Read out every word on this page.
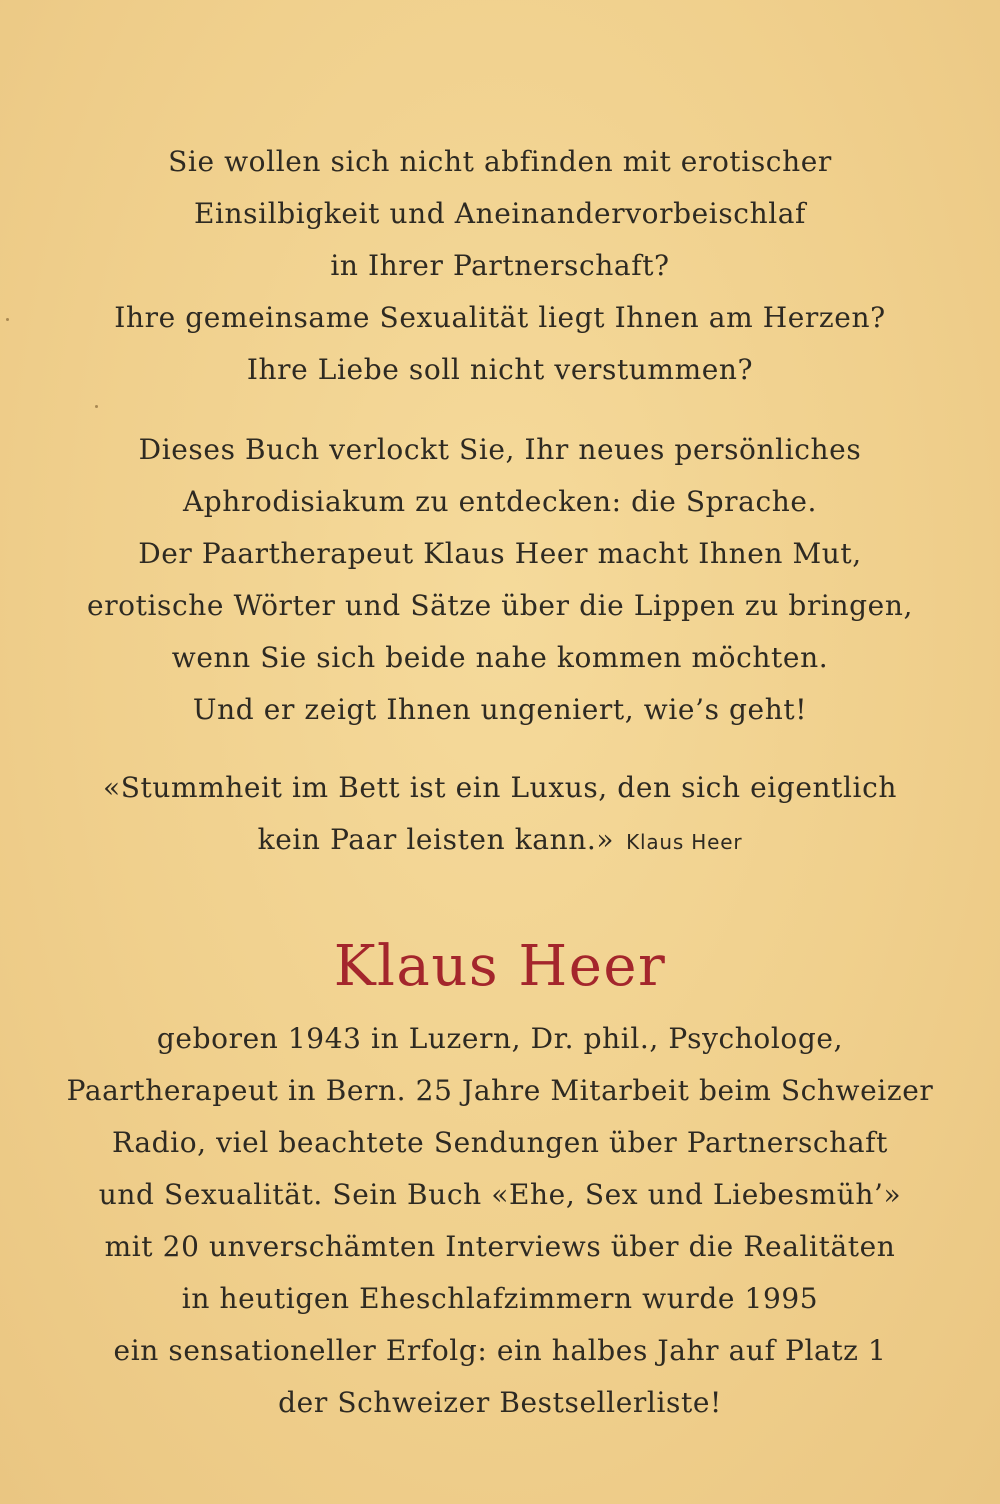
Sie wollen sich nicht abfinden mit erotischer

Einsilbigkeit und Aneinandervorbeischlaf

in Ihrer Partnerschaft?

Ihre gemeinsame Sexualität liegt Ihnen am Herzen?

Ihre Liebe soll nicht verstummen?

Dieses Buch verlockt Sie, Ihr neues persönliches

Aphrodisiakum zu entdecken: die Sprache.

Der Paartherapeut Klaus Heer macht Ihnen Mut,

erotische Wörter und Sätze über die Lippen zu bringen,

wenn Sie sich beide nahe kommen möchten.

Und er zeigt Ihnen ungeniert, wie’s geht!

«Stummheit im Bett ist ein Luxus, den sich eigentlich

kein Paar leisten kann.» Klaus Heer

Klaus Heer

geboren 1943 in Luzern, Dr. phil., Psychologe,

Paartherapeut in Bern. 25 Jahre Mitarbeit beim Schweizer

Radio, viel beachtete Sendungen über Partnerschaft

und Sexualität. Sein Buch «Ehe, Sex und Liebesmüh’»

mit 20 unverschämten Interviews über die Realitäten

in heutigen Eheschlafzimmern wurde 1995

ein sensationeller Erfolg: ein halbes Jahr auf Platz 1

der Schweizer Bestsellerliste!
